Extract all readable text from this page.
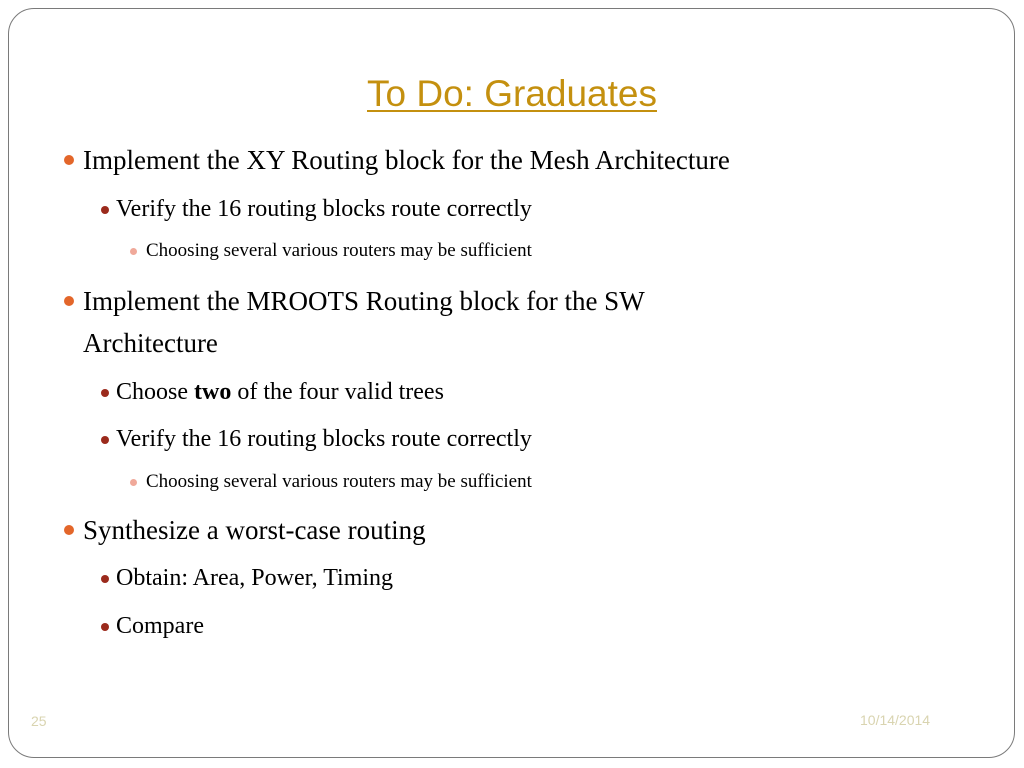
To Do: Graduates
Implement the XY Routing block for the Mesh Architecture
Verify the 16 routing blocks route correctly
Choosing several various routers may be sufficient
Implement the MROOTS Routing block for the SW
Architecture
Choose two of the four valid trees
Verify the 16 routing blocks route correctly
Choosing several various routers may be sufficient
Synthesize a worst-case routing
Obtain: Area, Power, Timing
Compare
25	10/14/2014
